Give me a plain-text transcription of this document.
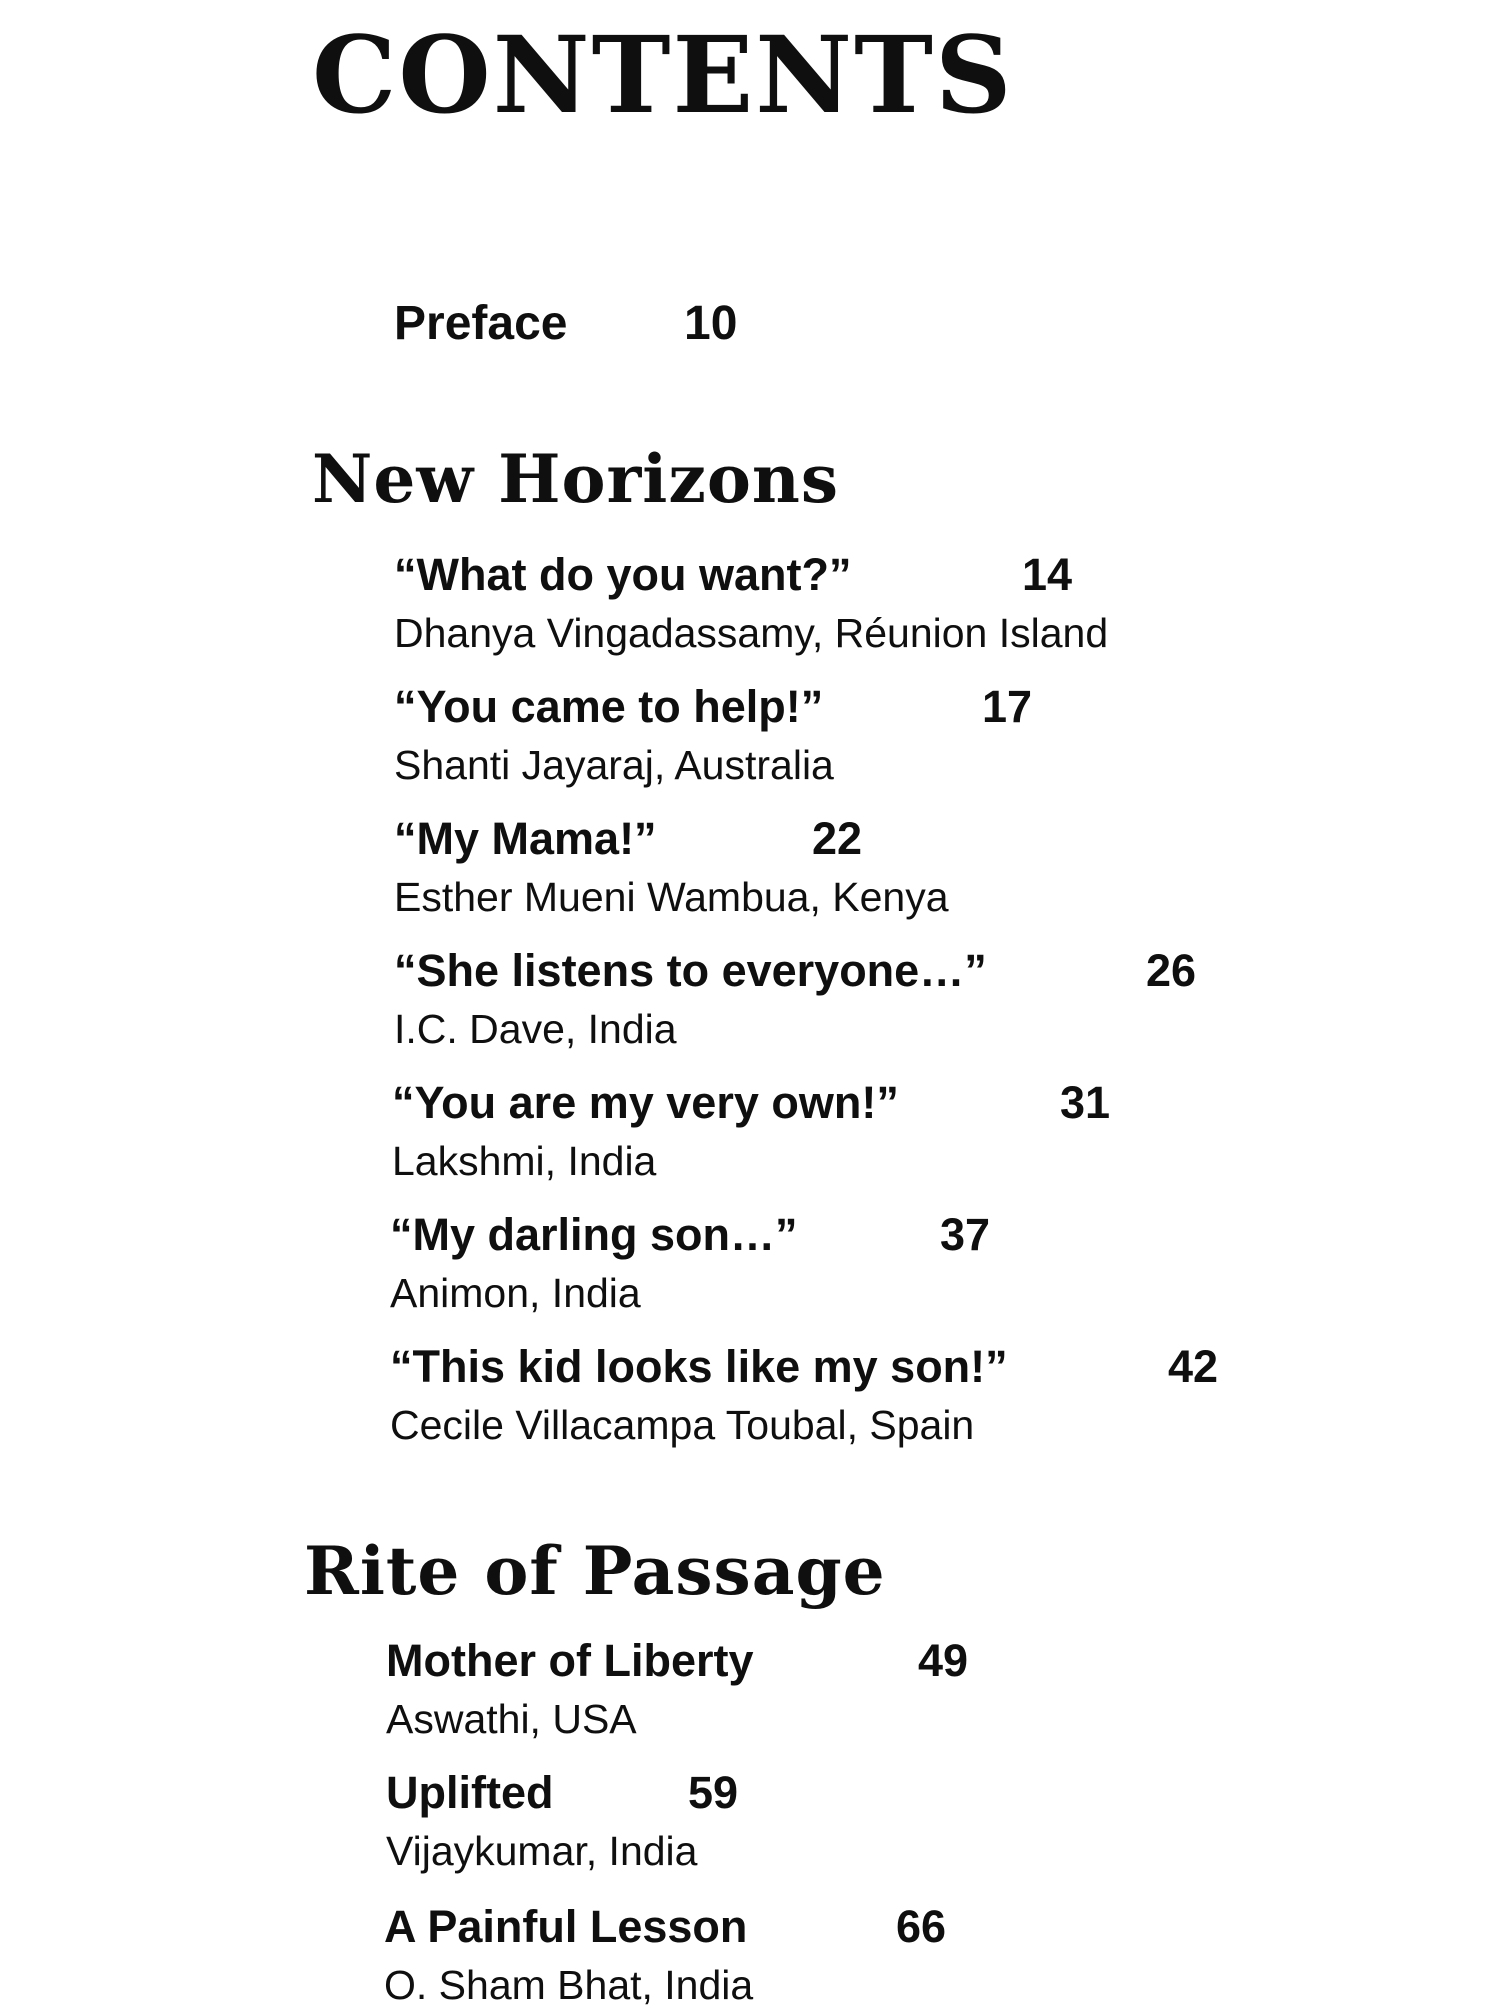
CONTENTS
Preface 10
New Horizons
“What do you want?”	14
Dhanya Vingadassamy, Réunion Island
“You came to help!”	17
Shanti Jayaraj, Australia
“My Mama!”	22
Esther Mueni Wambua, Kenya
“She listens to everyone…”	26
I.C. Dave, India
“You are my very own!”	31
Lakshmi, India
“My darling son…”	37
Animon, India
“This kid looks like my son!”	42
Cecile Villacampa Toubal, Spain
Rite of Passage
Mother of Liberty	49
Aswathi, USA
Uplifted	59
Vijaykumar, India
A Painful Lesson	66
O. Sham Bhat, India
